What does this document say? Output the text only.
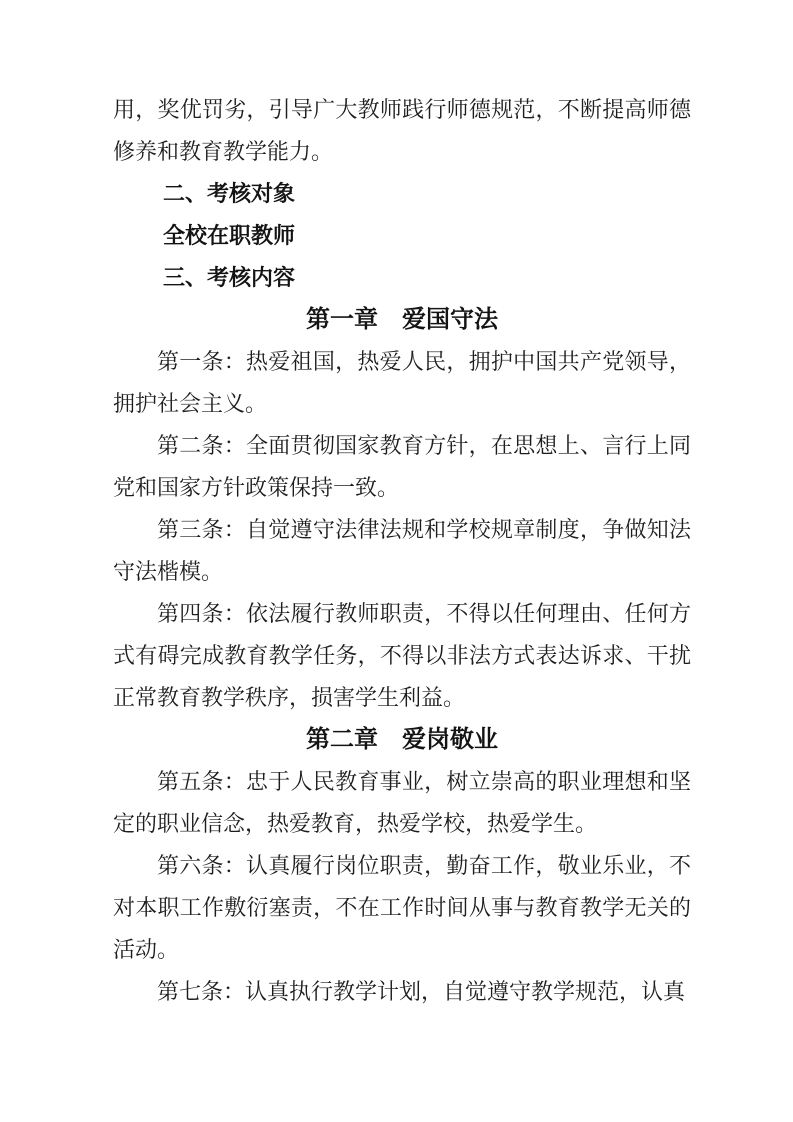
用，奖优罚劣，引导广大教师践行师德规范，不断提高师德修养和教育教学能力。
二、考核对象
全校在职教师
三、考核内容
第一章　爱国守法
第一条：热爱祖国，热爱人民，拥护中国共产党领导，拥护社会主义。
第二条：全面贯彻国家教育方针，在思想上、言行上同党和国家方针政策保持一致。
第三条：自觉遵守法律法规和学校规章制度，争做知法守法楷模。
第四条：依法履行教师职责，不得以任何理由、任何方式有碍完成教育教学任务，不得以非法方式表达诉求、干扰正常教育教学秩序，损害学生利益。
第二章　爱岗敬业
第五条：忠于人民教育事业，树立崇高的职业理想和坚定的职业信念，热爱教育，热爱学校，热爱学生。
第六条：认真履行岗位职责，勤奋工作，敬业乐业，不对本职工作敷衍塞责，不在工作时间从事与教育教学无关的活动。
第七条：认真执行教学计划，自觉遵守教学规范，认真
